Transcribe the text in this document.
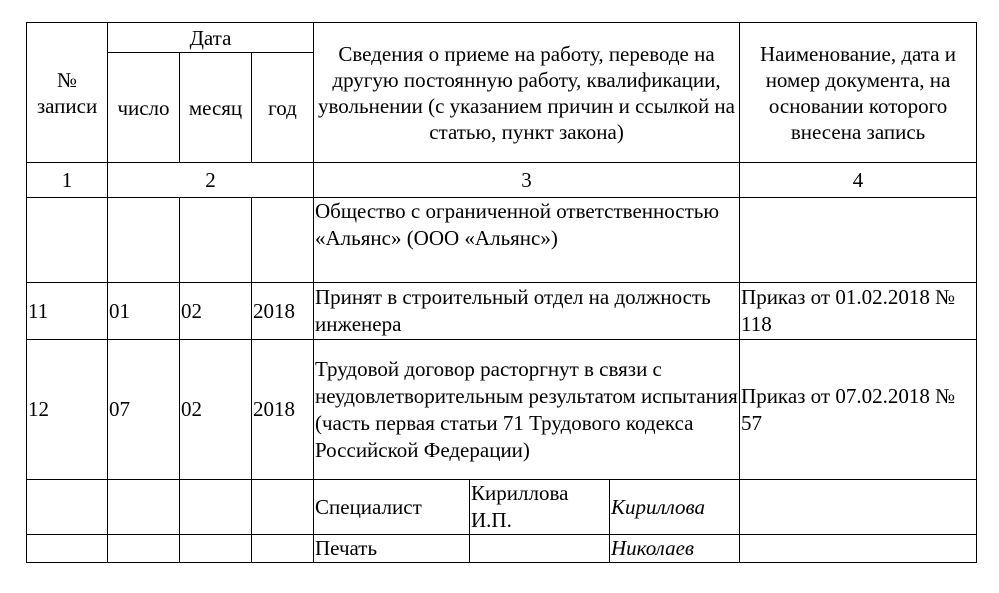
№ записи	Дата			Сведения о приеме на работу, переводе на другую постоянную работу, квалификации, увольнении (с указанием причин и ссылкой на статью, пункт закона)			Наименование, дата и номер документа, на основании которого внесена запись
	число	месяц	год				
1	2			3			4
				Общество с ограниченной ответственностью «Альянс» (ООО «Альянс»)			
11	01	02	2018	Принят в строительный отдел на должность инженера			Приказ от 01.02.2018 № 118
12	07	02	2018	Трудовой договор расторгнут в связи с неудовлетворительным результатом испытания (часть первая статьи 71 Трудового кодекса Российской Федерации)			Приказ от 07.02.2018 № 57
				Специалист	Кириллова И.П.	Кириллова	
				Печать		Николаев	
